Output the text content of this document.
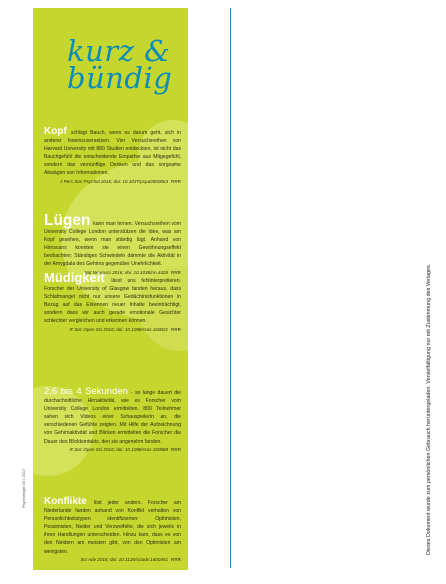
kurz &
bündig

Kopf schlägt Bauch, wenn es darum geht, sich in anderer hineinzuversetzen. Vier Versuchsreihen von Harvard University mit 880 Studien entdeckten, ist nicht das Bauchgefühl die entscheidende Empathie aus Mitgegefühl, sondern das vernünftige Denken und das sorgsame Abwägen von Informationen.

J Pers Soc Psychol 2016; doi: 10.1037/pspa0000063 RRR

Lügen kann man lernen. Versuchsreihen vom University College London unterstützen die Idee, was am Kopf gesehen, wenn man ständig lügt. Anhand von Hirnscans konnten sie einen Gewöhnungseffekt beobachten: Ständiges Schwindeln dämmte die Aktivität in der Amygdala des Gehirns gegenüber Unehrlichkeit.

Nat Neurosci 2016; doi: 10.1038/nn.4426 RRR

Müdigkeit lässt uns fehlinterpretieren. Forscher der University of Glasgow fanden heraus, dass Schlafmangel nicht nur unsere Gedächtnisfunktionen in Bezug auf das Erkennen neuer Inhalte beeinträchtigt, sondern dass wir auch gerade emotionale Gesichter schlechter vergleichen und erkennen können.

R Soc Open Sci 2016; doi: 10.1098/rsos.160021 RRR

2,6 bis 4 Sekunden - so lange dauert die durchschnittliche Hirnaktivität, wie es Forscher vom University College London ermittelten. 800 Teilnehmer sahen sich Videos einer Schauspielerin an, die verschiedenen Gefühle zeigten. Mit Hilfe der Aufzeichnung von Gehirnaktivität und Blicken ermittelten die Forscher die Dauer des Blickkontakts, den sie angenehm fanden.

R Soc Open Sci 2016; doi: 10.1098/rsos.160088 RRR

Konflikte löst jeder anders. Forscher am Niederlande fanden anhand von Konflikt verhalten von Personlichkeitstypen identifizierten: Optimisten, Pessimisten, Neider und Verzweifelte, die sich jeweils in ihren Handlungen unterscheiden. Hinzu kam, dass es von den Neidern am meisten gibt, von den Optimisten am wenigsten.

Sci Adv 2016; doi: 10.1126/sciadv.1600451 RRR
Psychologie 03 / 2017	Dieses Dokument wurde zum persönlichen Gebrauch heruntergeladen. Vervielfältigung nur mit Zustimmung des Verlages.
